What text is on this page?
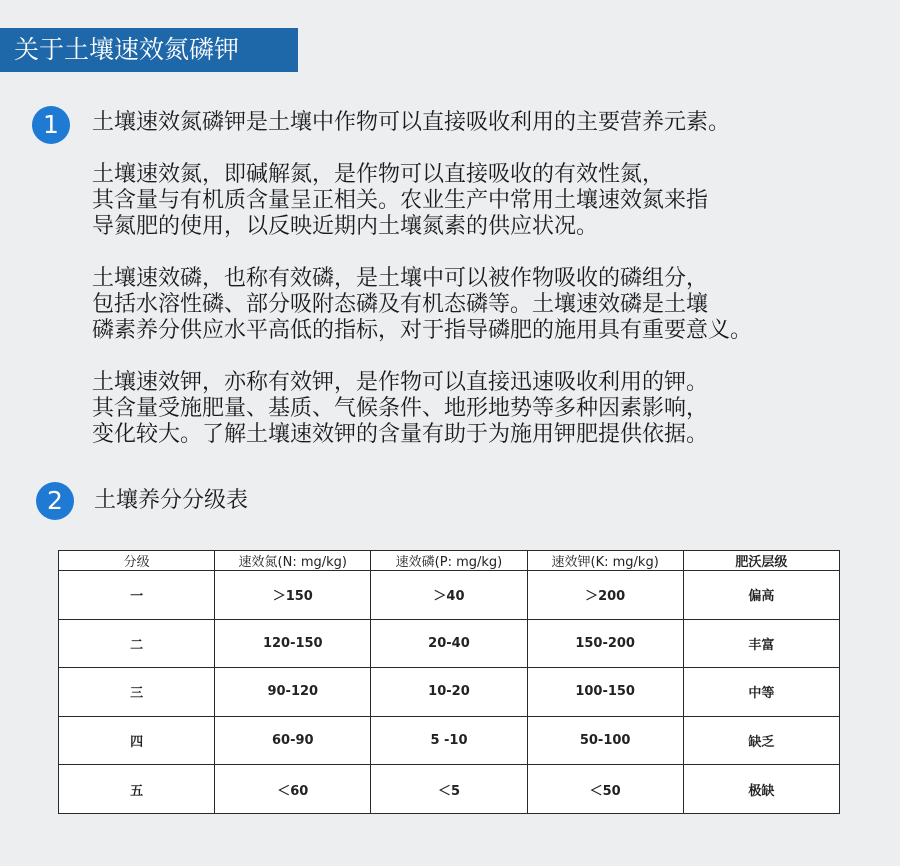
关于土壤速效氮磷钾
1	土壤速效氮磷钾是土壤中作物可以直接吸收利用的主要营养元素。

土壤速效氮，即碱解氮，是作物可以直接吸收的有效性氮，
其含量与有机质含量呈正相关。农业生产中常用土壤速效氮来指
导氮肥的使用，以反映近期内土壤氮素的供应状况。

土壤速效磷，也称有效磷，是土壤中可以被作物吸收的磷组分，
包括水溶性磷、部分吸附态磷及有机态磷等。土壤速效磷是土壤
磷素养分供应水平高低的指标，对于指导磷肥的施用具有重要意义。

土壤速效钾，亦称有效钾，是作物可以直接迅速吸收利用的钾。
其含量受施肥量、基质、气候条件、地形地势等多种因素影响，
变化较大。了解土壤速效钾的含量有助于为施用钾肥提供依据。

2	土壤养分分级表
分级	速效氮(N: mg/kg)	速效磷(P: mg/kg)	速效钾(K: mg/kg)	肥沃层级
一	＞150	＞40	＞200	偏高
二	120-150	20-40	150-200	丰富
三	90-120	10-20	100-150	中等
四	60-90	5 -10	50-100	缺乏
五	＜60	＜5	＜50	极缺
